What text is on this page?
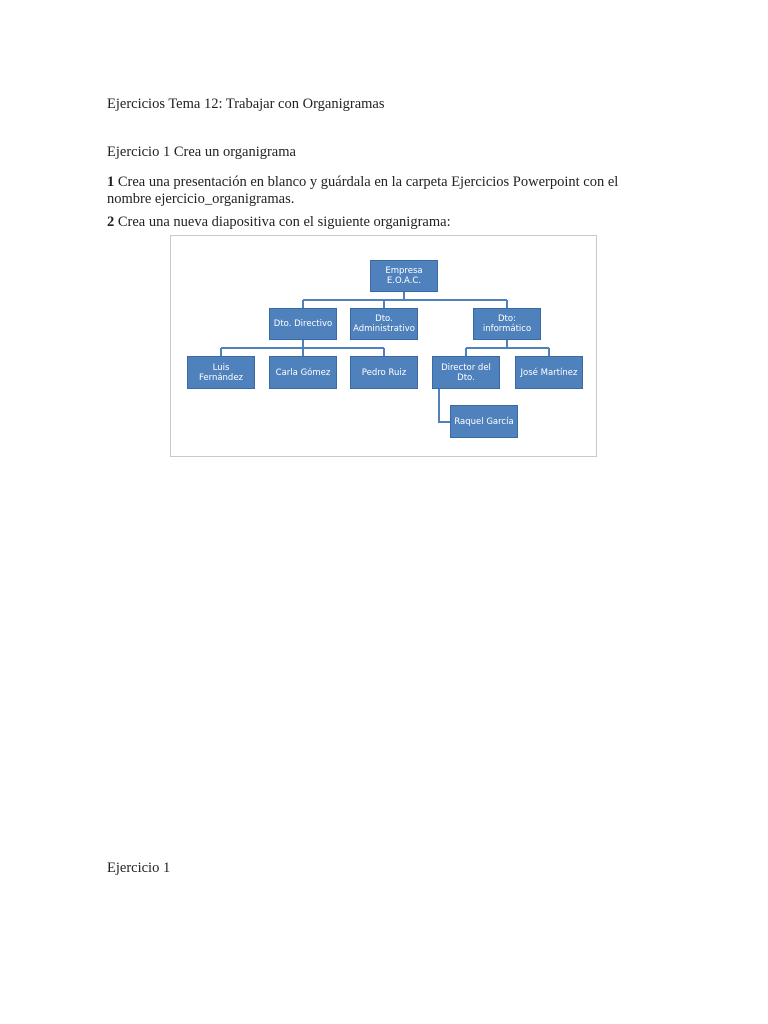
Ejercicios Tema 12: Trabajar con Organigramas
Ejercicio 1 Crea un organigrama
1 Crea una presentación en blanco y guárdala en la carpeta Ejercicios Powerpoint con el
nombre ejercicio_organigramas.
2 Crea una nueva diapositiva con el siguiente organigrama:
Empresa
E.O.A.C.
Dto. Directivo	Dto.
Administrativo
Dto:
informático
Luis Fernández	Carla Gómez	Pedro Ruiz	Director del
Dto.	José Martínez
Raquel García
Ejercicio 1
